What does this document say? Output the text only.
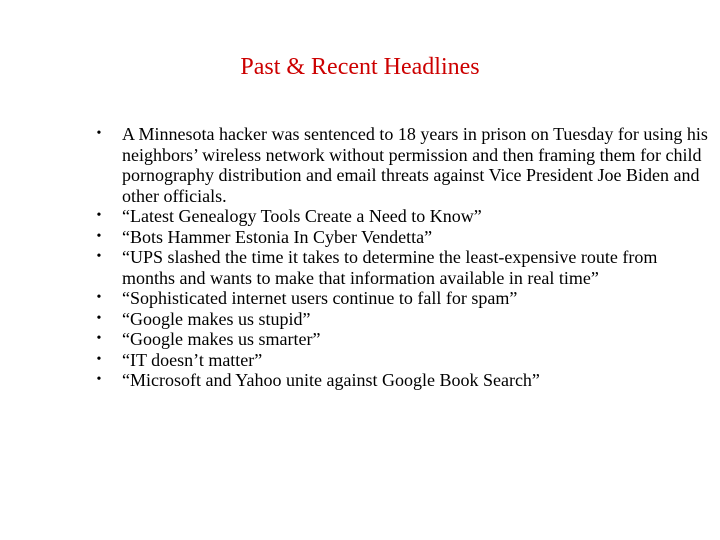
Past & Recent Headlines
• A Minnesota hacker was sentenced to 18 years in prison on Tuesday for using his neighbors’ wireless network without permission and then framing them for child pornography distribution and email threats against Vice President Joe Biden and other officials.
• “Latest Genealogy Tools Create a Need to Know”
• “Bots Hammer Estonia In Cyber Vendetta”
• “UPS slashed the time it takes to determine the least-expensive route from months and wants to make that information available in real time”
• “Sophisticated internet users continue to fall for spam”
• “Google makes us stupid”
• “Google makes us smarter”
• “IT doesn’t matter”
• “Microsoft and Yahoo unite against Google Book Search”
